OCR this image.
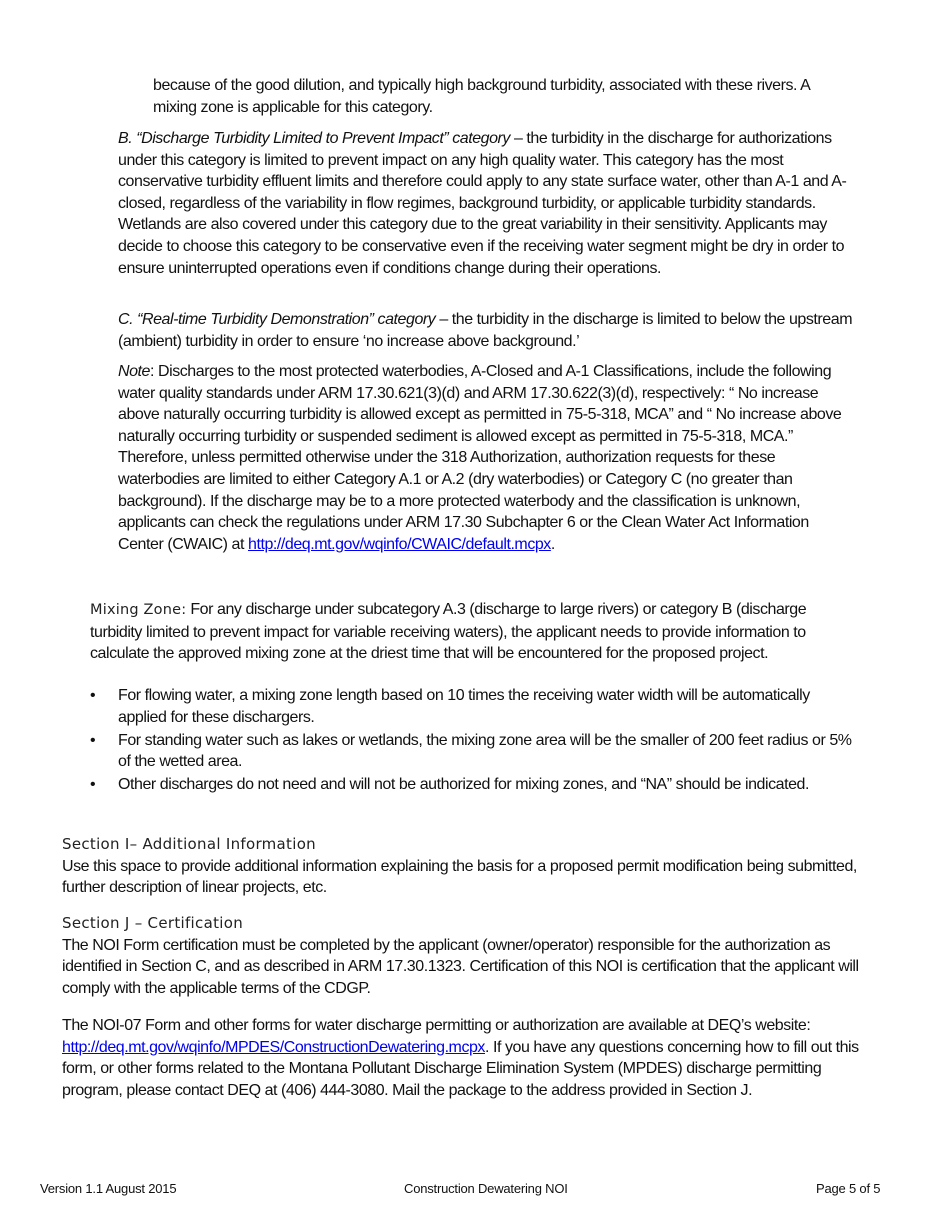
because of the good dilution, and typically high background turbidity, associated with these rivers. A mixing zone is applicable for this category.

B. “Discharge Turbidity Limited to Prevent Impact” category – the turbidity in the discharge for authorizations under this category is limited to prevent impact on any high quality water. This category has the most conservative turbidity effluent limits and therefore could apply to any state surface water, other than A-1 and A-closed, regardless of the variability in flow regimes, background turbidity, or applicable turbidity standards. Wetlands are also covered under this category due to the great variability in their sensitivity. Applicants may decide to choose this category to be conservative even if the receiving water segment might be dry in order to ensure uninterrupted operations even if conditions change during their operations.

C. “Real-time Turbidity Demonstration” category – the turbidity in the discharge is limited to below the upstream (ambient) turbidity in order to ensure ‘no increase above background.’

Note: Discharges to the most protected waterbodies, A-Closed and A-1 Classifications, include the following water quality standards under ARM 17.30.621(3)(d) and ARM 17.30.622(3)(d), respectively: “ No increase above naturally occurring turbidity is allowed except as permitted in 75-5-318, MCA” and “ No increase above naturally occurring turbidity or suspended sediment is allowed except as permitted in 75-5-318, MCA.” Therefore, unless permitted otherwise under the 318 Authorization, authorization requests for these waterbodies are limited to either Category A.1 or A.2 (dry waterbodies) or Category C (no greater than background). If the discharge may be to a more protected waterbody and the classification is unknown, applicants can check the regulations under ARM 17.30 Subchapter 6 or the Clean Water Act Information Center (CWAIC) at http://deq.mt.gov/wqinfo/CWAIC/default.mcpx.

Mixing Zone: For any discharge under subcategory A.3 (discharge to large rivers) or category B (discharge turbidity limited to prevent impact for variable receiving waters), the applicant needs to provide information to calculate the approved mixing zone at the driest time that will be encountered for the proposed project.

• For flowing water, a mixing zone length based on 10 times the receiving water width will be automatically applied for these dischargers.
• For standing water such as lakes or wetlands, the mixing zone area will be the smaller of 200 feet radius or 5% of the wetted area.
• Other discharges do not need and will not be authorized for mixing zones, and “NA” should be indicated.
Section I– Additional Information

Use this space to provide additional information explaining the basis for a proposed permit modification being submitted, further description of linear projects, etc.

Section J – Certification

The NOI Form certification must be completed by the applicant (owner/operator) responsible for the authorization as identified in Section C, and as described in ARM 17.30.1323. Certification of this NOI is certification that the applicant will comply with the applicable terms of the CDGP.

The NOI-07 Form and other forms for water discharge permitting or authorization are available at DEQ’s website: http://deq.mt.gov/wqinfo/MPDES/ConstructionDewatering.mcpx. If you have any questions concerning how to fill out this form, or other forms related to the Montana Pollutant Discharge Elimination System (MPDES) discharge permitting program, please contact DEQ at (406) 444-3080. Mail the package to the address provided in Section J.

Version 1.1 August 2015	Construction Dewatering NOI	Page 5 of 5
